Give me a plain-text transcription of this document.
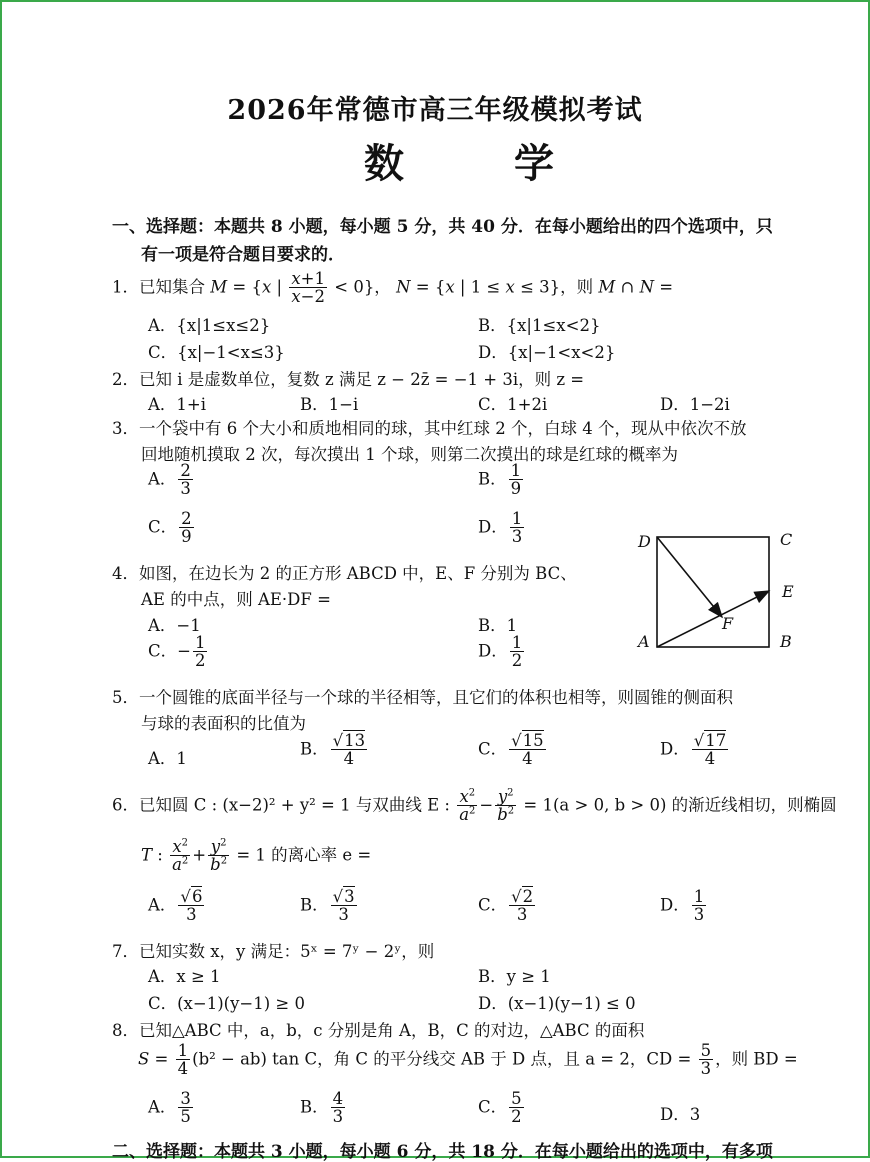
2026年常德市高三年级模拟考试
数 学
一、选择题：本题共 8 小题，每小题 5 分，共 40 分．在每小题给出的四个选项中，只
有一项是符合题目要求的．
1．已知集合 M = {x | $\frac{x+1}{x-2} < 0$}， N = {x | 1 ≤ x ≤ 3}，则 M ∩ N =
A．{x|1≤x≤2}	B．{x|1≤x<2}
C．{x|−1<x≤3}	D．{x|−1<x<2}
2．已知 i 是虚数单位，复数 z 满足 z − 2z̄ = −1 + 3i，则 z =
A．1+i	B．1−i	C．1+2i	D．1−2i
3．一个袋中有 6 个大小和质地相同的球，其中红球 2 个，白球 4 个，现从中依次不放
回地随机摸取 2 次，每次摸出 1 个球，则第二次摸出的球是红球的概率为
A． $\frac{2}{3}$	B． $\frac{1}{9}$
C． $\frac{2}{9}$	D． $\frac{1}{3}$
4．如图，在边长为 2 的正方形 ABCD 中，E、F 分别为 BC、
AE 的中点，则 AE·DF =
A．−1	B．1
C．− $\frac{1}{2}$	D． $\frac{1}{2}$
D	C
E
F
A	B
5．一个圆锥的底面半径与一个球的半径相等，且它们的体积也相等，则圆锥的侧面积
与球的表面积的比值为
A．1
B． $\frac{√13}{4}$	C． $\frac{√15}{4}$	D． $\frac{√17}{4}$
6．已知圆 C : (x−2)² + y² = 1 与双曲线 E : $\frac{x^2}{a^2} - \frac{y^2}{b^2} = 1(a > 0$, b > 0) 的渐近线相切，则椭圆
T : $\frac{x^2}{a^2} + \frac{y^2}{b^2} = 1$ 的离心率 e =
A． $\frac{√6}{3}$	B． $\frac{√3}{3}$	C． $\frac{√2}{3}$	D． $\frac{1}{3}$
7．已知实数 x，y 满足：5ˣ = 7ʸ − 2ʸ，则
A．x ≥ 1	B．y ≥ 1
C．(x−1)(y−1) ≥ 0	D．(x−1)(y−1) ≤ 0
8．已知△ABC 中，a，b，c 分别是角 A，B，C 的对边，△ABC 的面积
$S = \frac{1}{4} (b^2 - ab)$ tan C，角 C 的平分线交 AB 于 D 点，且 a = 2，CD = $\frac{5}{3}$ ，则 BD =
A． $\frac{3}{5}$	B． $\frac{4}{3}$	C． $\frac{5}{2}$	D．3
二、选择题：本题共 3 小题，每小题 6 分，共 18 分．在每小题给出的选项中，有多项
